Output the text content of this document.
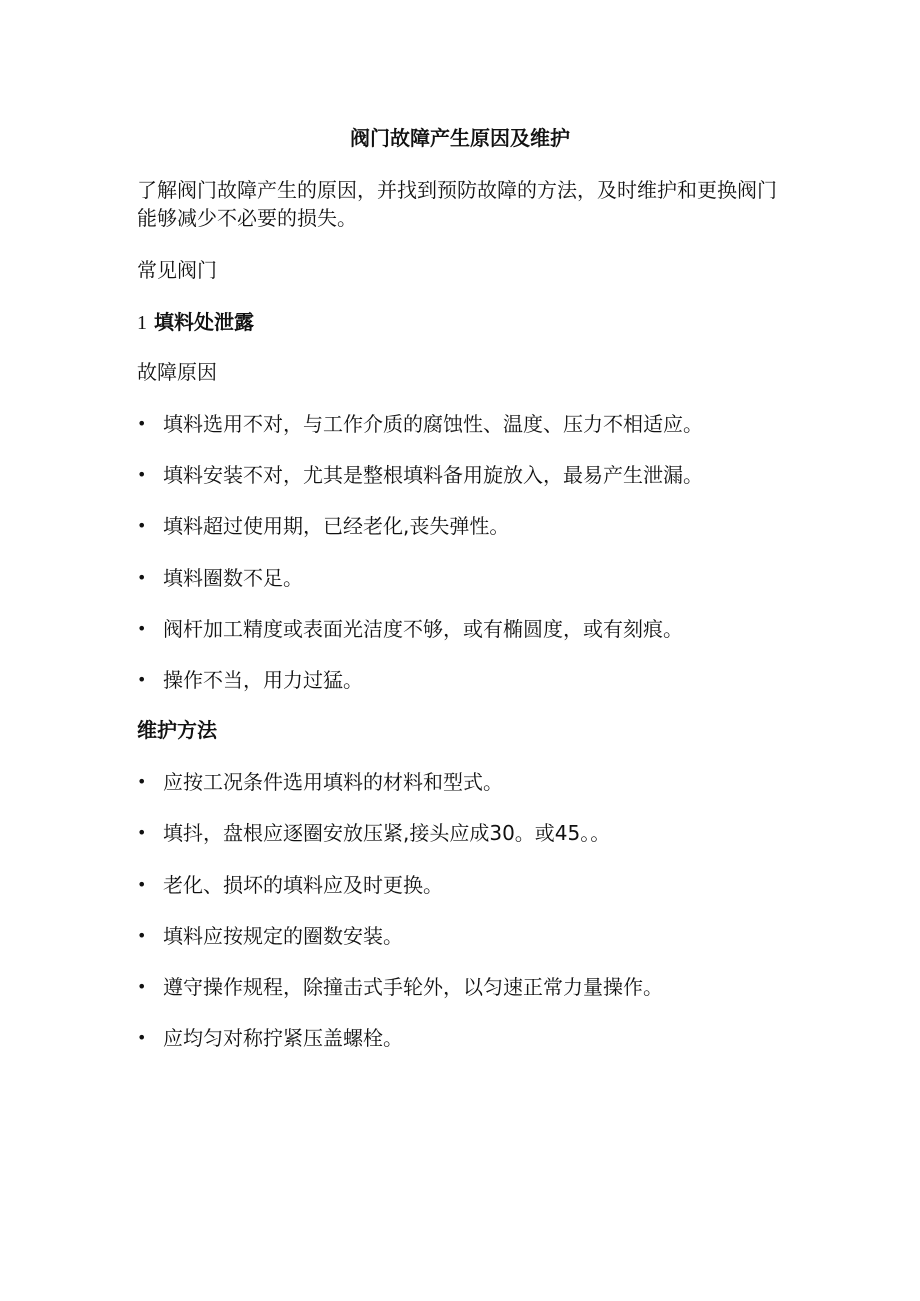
阀门故障产生原因及维护
了解阀门故障产生的原因，并找到预防故障的方法，及时维护和更换阀门能够减少不必要的损失。
常见阀门
1 填料处泄露
故障原因
• 填料选用不对，与工作介质的腐蚀性、温度、压力不相适应。
• 填料安装不对，尤其是整根填料备用旋放入，最易产生泄漏。
• 填料超过使用期，已经老化,丧失弹性。
• 填料圈数不足。
• 阀杆加工精度或表面光洁度不够，或有椭圆度，或有刻痕。
• 操作不当，用力过猛。
维护方法
• 应按工况条件选用填料的材料和型式。
• 填抖，盘根应逐圈安放压紧,接头应成30。或45。。
• 老化、损坏的填料应及时更换。
• 填料应按规定的圈数安装。
• 遵守操作规程，除撞击式手轮外，以匀速正常力量操作。
• 应均匀对称拧紧压盖螺栓。
